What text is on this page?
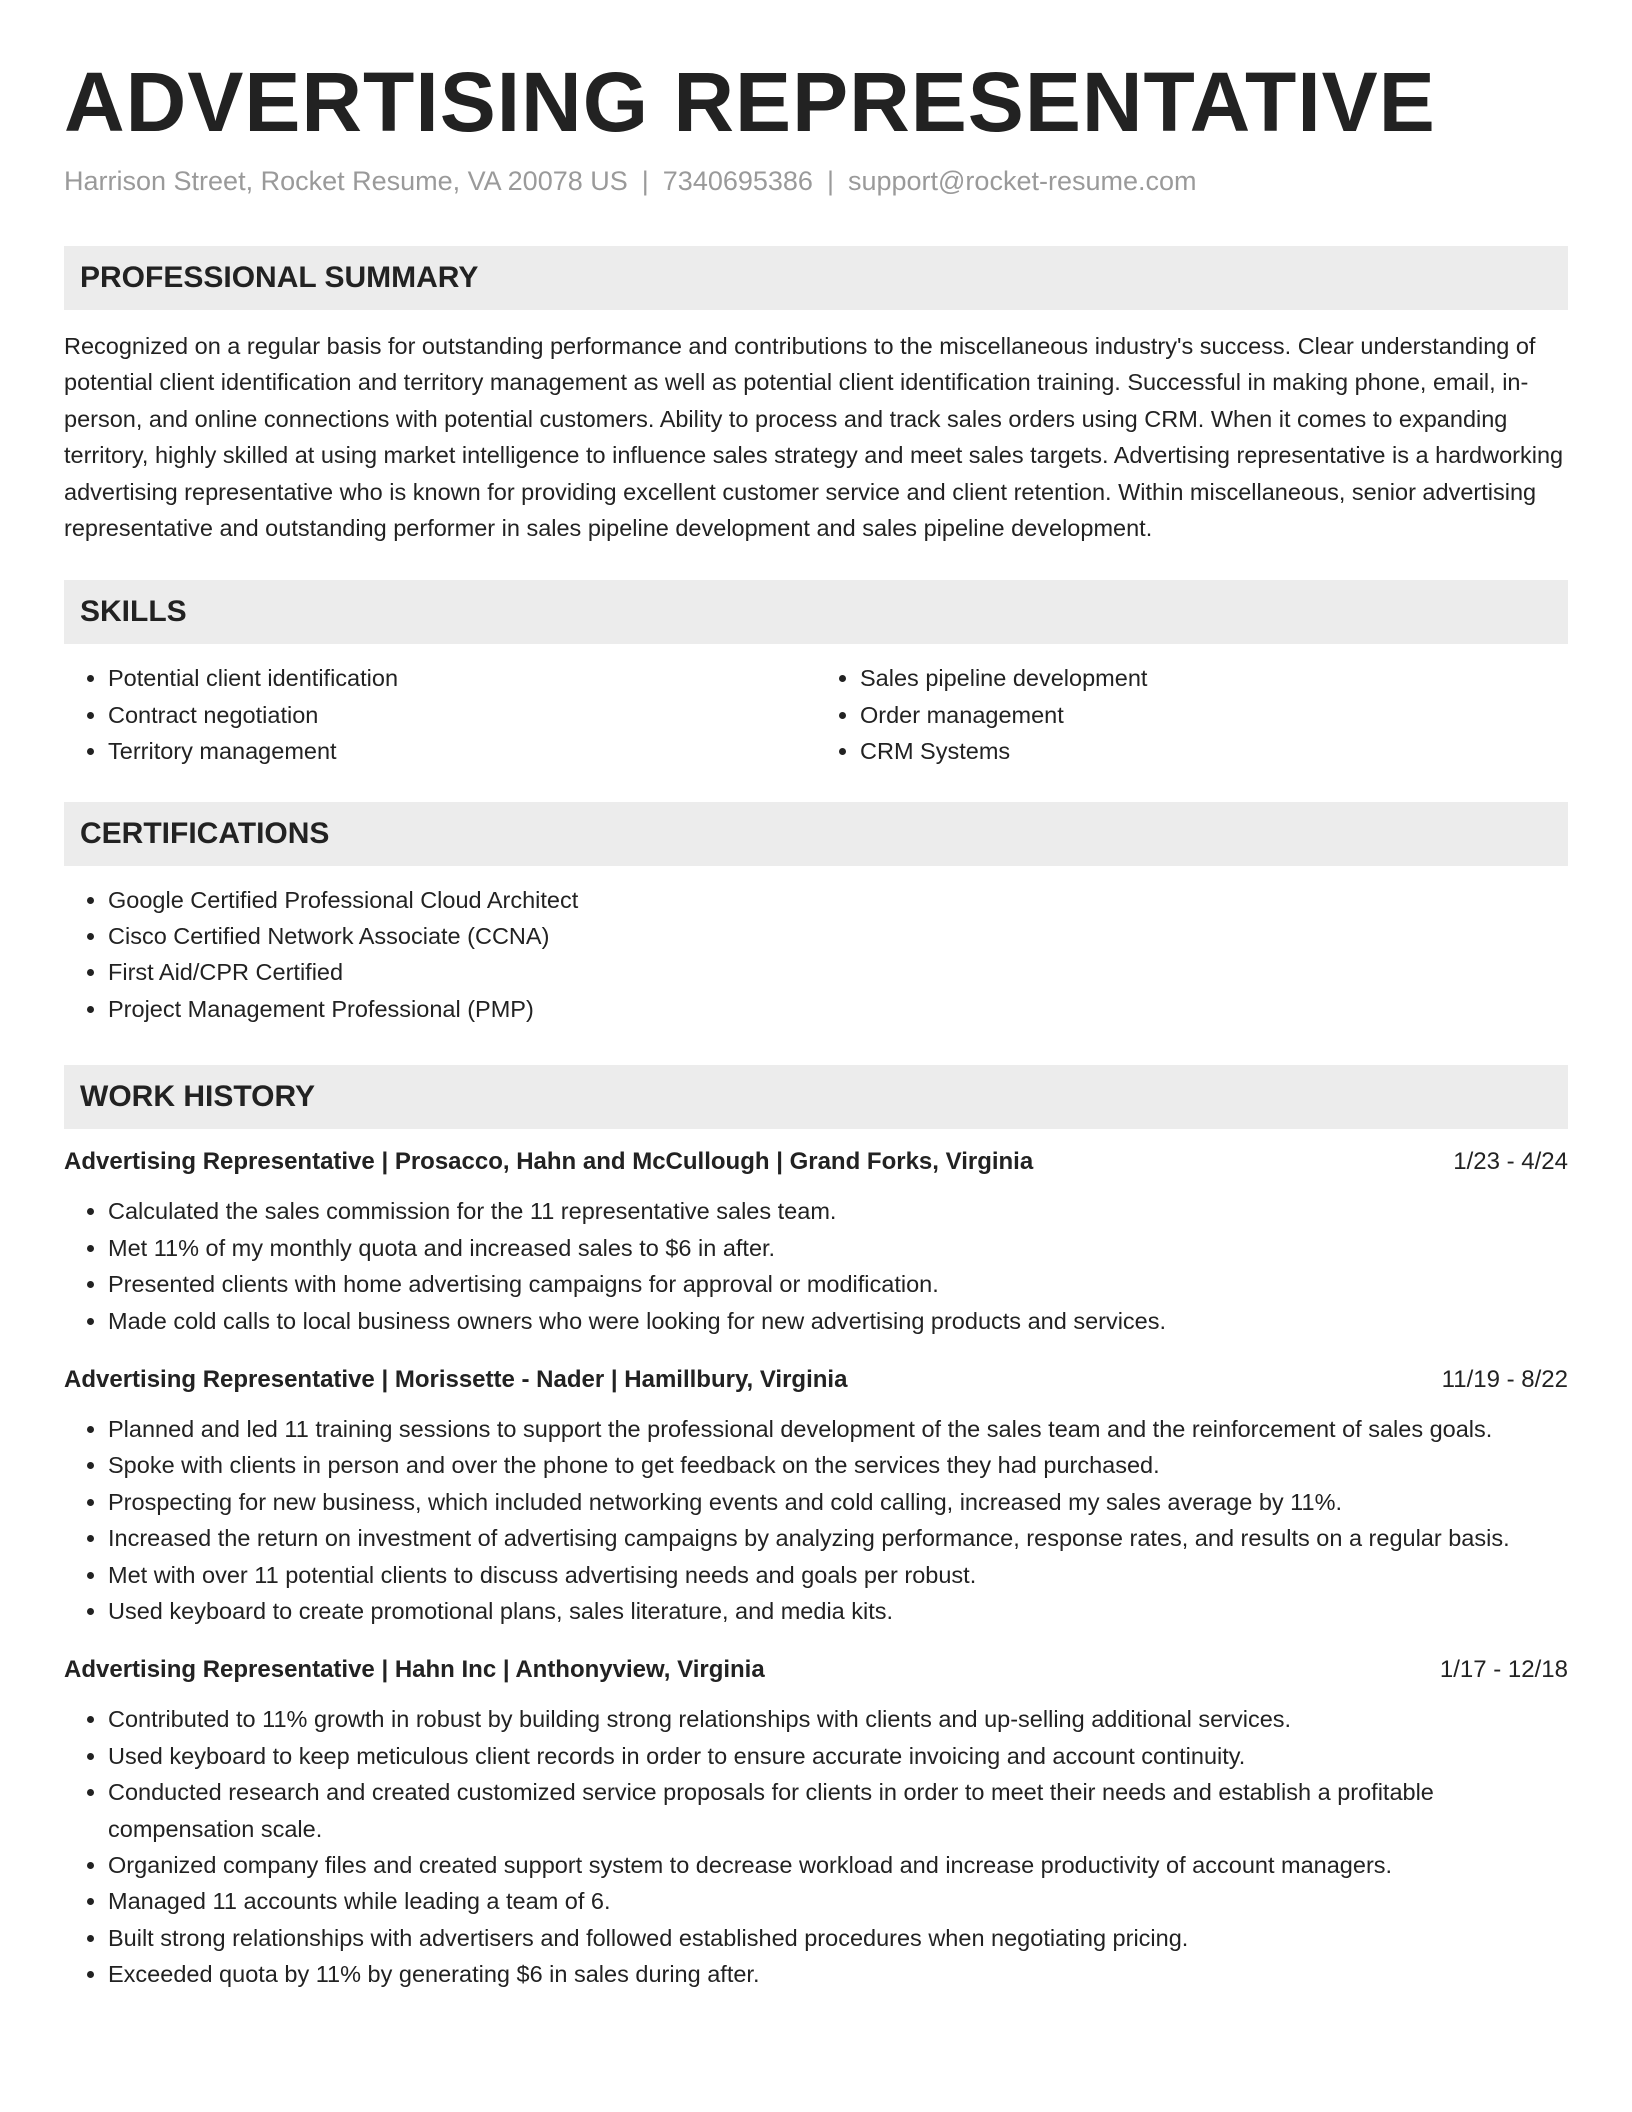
ADVERTISING REPRESENTATIVE
Harrison Street, Rocket Resume, VA 20078 US | 7340695386 | support@rocket-resume.com
PROFESSIONAL SUMMARY

Recognized on a regular basis for outstanding performance and contributions to the miscellaneous industry's success. Clear understanding of potential client identification and territory management as well as potential client identification training. Successful in making phone, email, in-person, and online connections with potential customers. Ability to process and track sales orders using CRM. When it comes to expanding territory, highly skilled at using market intelligence to influence sales strategy and meet sales targets. Advertising representative is a hardworking advertising representative who is known for providing excellent customer service and client retention. Within miscellaneous, senior advertising representative and outstanding performer in sales pipeline development and sales pipeline development.

SKILLS
• Potential client identification
• Contract negotiation
• Territory management
• Sales pipeline development
• Order management
• CRM Systems
CERTIFICATIONS
• Google Certified Professional Cloud Architect
• Cisco Certified Network Associate (CCNA)
• First Aid/CPR Certified
• Project Management Professional (PMP)
WORK HISTORY
Advertising Representative | Prosacco, Hahn and McCullough | Grand Forks, Virginia	1/23 - 4/24
• Calculated the sales commission for the 11 representative sales team.
• Met 11% of my monthly quota and increased sales to $6 in after.
• Presented clients with home advertising campaigns for approval or modification.
• Made cold calls to local business owners who were looking for new advertising products and services.
Advertising Representative | Morissette - Nader | Hamillbury, Virginia	11/19 - 8/22
• Planned and led 11 training sessions to support the professional development of the sales team and the reinforcement of sales goals.
• Spoke with clients in person and over the phone to get feedback on the services they had purchased.
• Prospecting for new business, which included networking events and cold calling, increased my sales average by 11%.
• Increased the return on investment of advertising campaigns by analyzing performance, response rates, and results on a regular basis.
• Met with over 11 potential clients to discuss advertising needs and goals per robust.
• Used keyboard to create promotional plans, sales literature, and media kits.
Advertising Representative | Hahn Inc | Anthonyview, Virginia	1/17 - 12/18
• Contributed to 11% growth in robust by building strong relationships with clients and up-selling additional services.
• Used keyboard to keep meticulous client records in order to ensure accurate invoicing and account continuity.
• Conducted research and created customized service proposals for clients in order to meet their needs and establish a profitable compensation scale.
• Organized company files and created support system to decrease workload and increase productivity of account managers.
• Managed 11 accounts while leading a team of 6.
• Built strong relationships with advertisers and followed established procedures when negotiating pricing.
• Exceeded quota by 11% by generating $6 in sales during after.
